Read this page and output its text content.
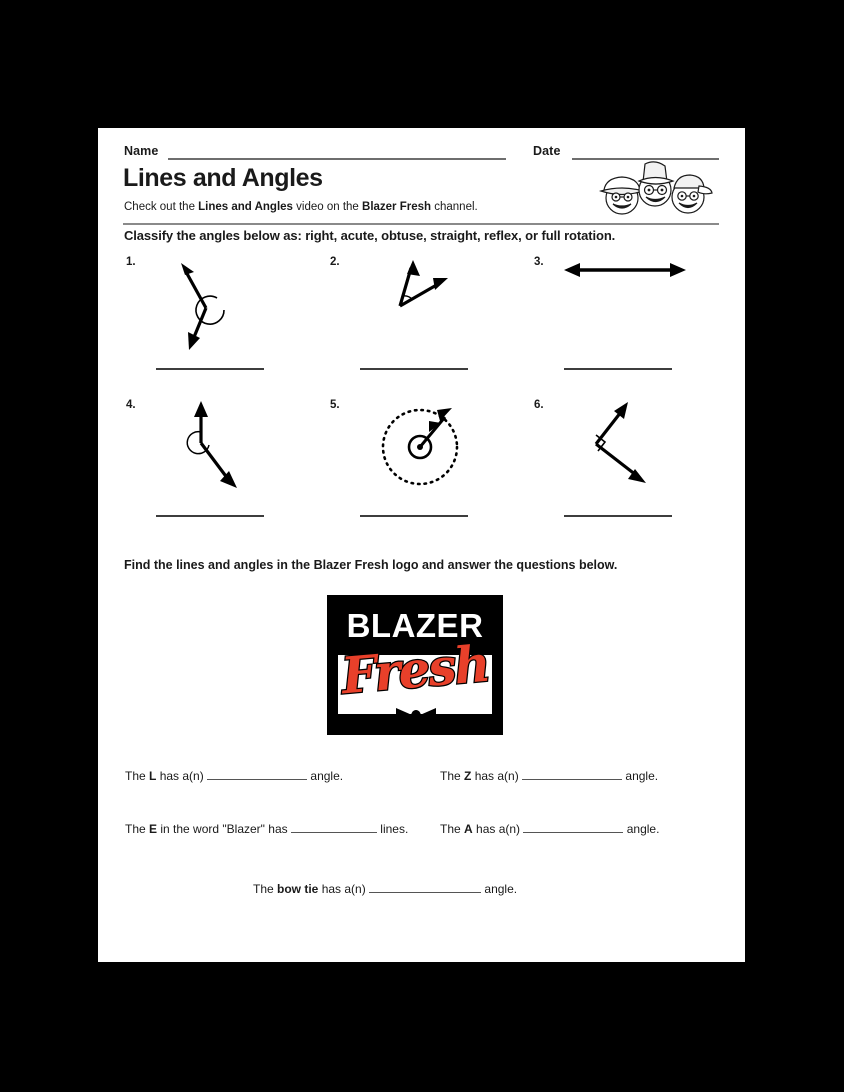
Name	Date
Lines and Angles
Check out the Lines and Angles video on the Blazer Fresh channel.
Classify the angles below as: right, acute, obtuse, straight, reflex, or full rotation.
1.	2.	3.
4.	5.	6.
Find the lines and angles in the Blazer Fresh logo and answer the questions below.
BLAZER
Fresh
The L has a(n)	angle.	The Z has a(n)	angle.
The E in the word "Blazer" has	lines.	The A has a(n)	angle.
The bow tie has a(n)	angle.
